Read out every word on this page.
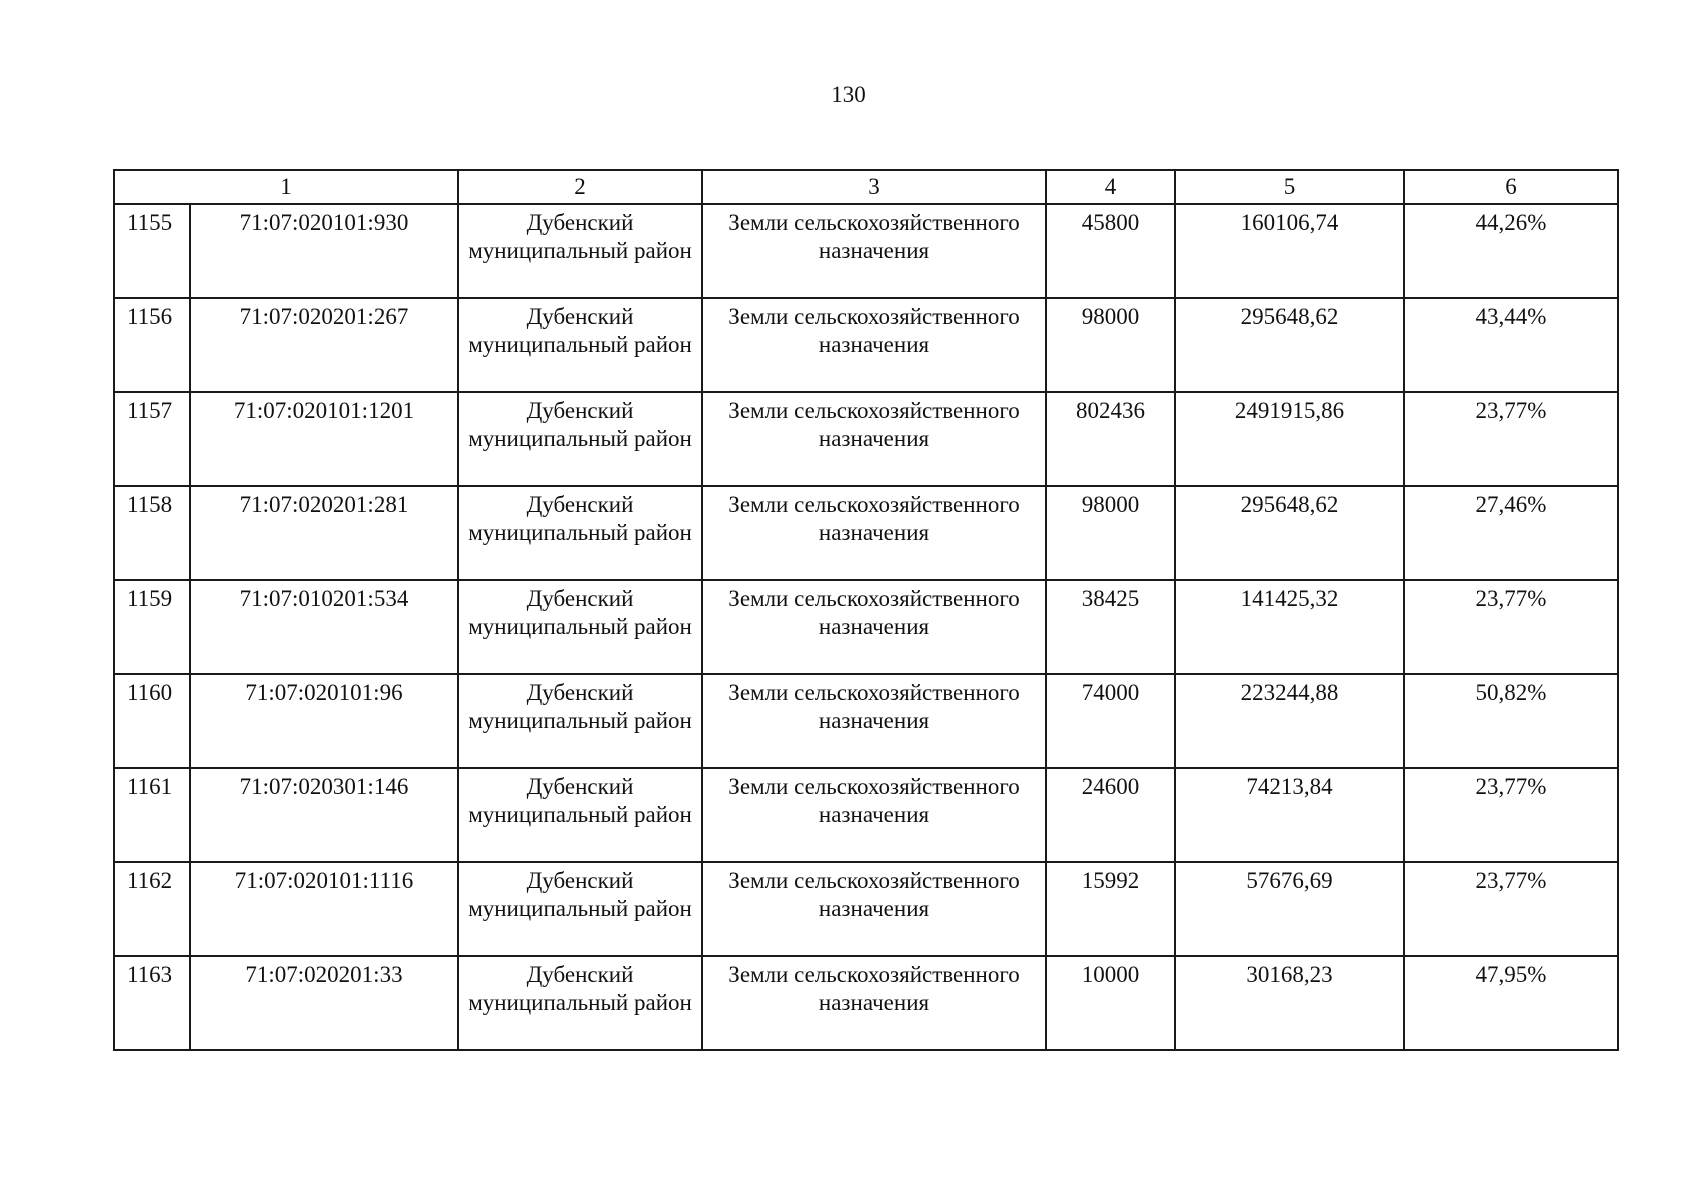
130
1		2	3	4	5	6
1155	71:07:020101:930	Дубенский муниципальный район	Земли сельскохозяйственного назначения	45800	160106,74	44,26%
1156	71:07:020201:267	Дубенский муниципальный район	Земли сельскохозяйственного назначения	98000	295648,62	43,44%
1157	71:07:020101:1201	Дубенский муниципальный район	Земли сельскохозяйственного назначения	802436	2491915,86	23,77%
1158	71:07:020201:281	Дубенский муниципальный район	Земли сельскохозяйственного назначения	98000	295648,62	27,46%
1159	71:07:010201:534	Дубенский муниципальный район	Земли сельскохозяйственного назначения	38425	141425,32	23,77%
1160	71:07:020101:96	Дубенский муниципальный район	Земли сельскохозяйственного назначения	74000	223244,88	50,82%
1161	71:07:020301:146	Дубенский муниципальный район	Земли сельскохозяйственного назначения	24600	74213,84	23,77%
1162	71:07:020101:1116	Дубенский муниципальный район	Земли сельскохозяйственного назначения	15992	57676,69	23,77%
1163	71:07:020201:33	Дубенский муниципальный район	Земли сельскохозяйственного назначения	10000	30168,23	47,95%
